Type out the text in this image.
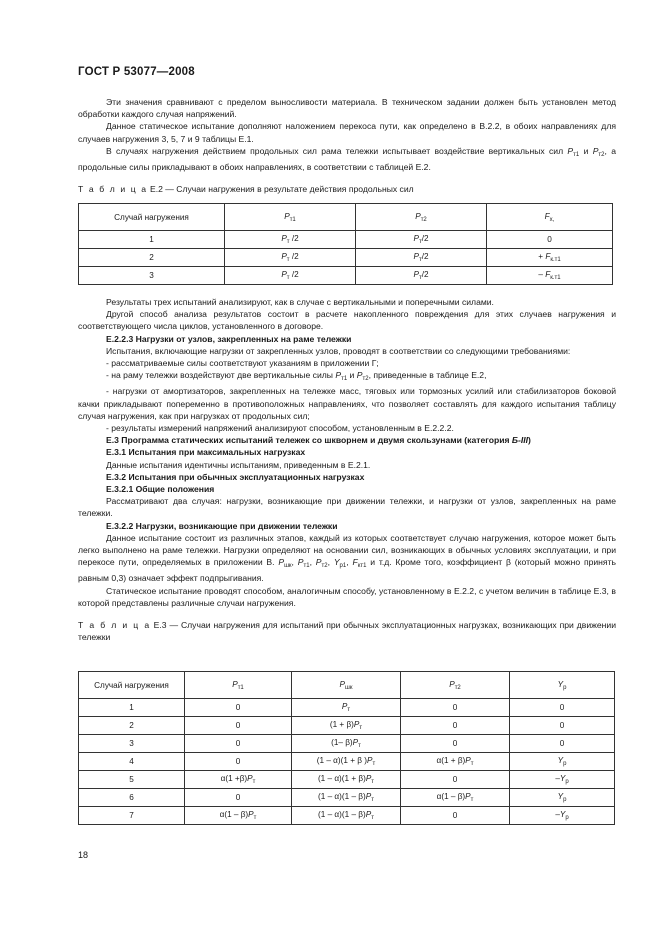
ГОСТ Р 53077—2008

Эти значения сравнивают с пределом выносливости материала. В техническом задании должен быть установлен метод обработки каждого случая напряжений.

Данное статическое испытание дополняют наложением перекоса пути, как определено в В.2.2, в обоих направлениях для случаев нагружения 3, 5, 7 и 9 таблицы Е.1.

В случаях нагружения действием продольных сил рама тележки испытывает воздействие вертикальных сил $P_{т1}$ и $P_{т2}$, а продольные силы прикладывают в обоих направлениях, в соответствии с таблицей Е.2.

Т а б л и ц а Е.2 — Случаи нагружения в результате действия продольных сил

Случай нагружения	$P_{т1}$	$P_{т2}$	$F_{x,}$
1	$P_т$ /2	$P_т/2$	0
2	$P_т$ /2	$P_т/2$	+ $F_{к.т1}$
3	$P_т$ /2	$P_т/2$	– $F_{к.т1}$

Результаты трех испытаний анализируют, как в случае с вертикальными и поперечными силами.

Другой способ анализа результатов состоит в расчете накопленного повреждения для этих случаев нагружения и соответствующего числа циклов, установленного в договоре.

Е.2.2.3 Нагрузки от узлов, закрепленных на раме тележки

Испытания, включающие нагрузки от закрепленных узлов, проводят в соответствии со следующими требованиями:

- рассматриваемые силы соответствуют указаниям в приложении Г;

- на раму тележки воздействуют две вертикальные силы $P_{т1}$ и $P_{т2}$, приведенные в таблице Е.2,

- нагрузки от амортизаторов, закрепленных на тележке масс, тяговых или тормозных усилий или стабилизаторов боковой качки прикладывают попеременно в противоположных направлениях, что позволяет составлять для каждого испытания таблицу случая нагружения, как при нагрузках от продольных сил;

- результаты измерений напряжений анализируют способом, установленным в Е.2.2.2.

Е.3 Программа статических испытаний тележек со шкворнем и двумя скользунами (категория Б-III)

Е.3.1 Испытания при максимальных нагрузках

Данные испытания идентичны испытаниям, приведенным в Е.2.1.

Е.3.2 Испытания при обычных эксплуатационных нагрузках

Е.3.2.1 Общие положения

Рассматривают два случая: нагрузки, возникающие при движении тележки, и нагрузки от узлов, закрепленных на раме тележки.

Е.3.2.2 Нагрузки, возникающие при движении тележки

Данное испытание состоит из различных этапов, каждый из которых соответствует случаю нагружения, которое может быть легко выполнено на раме тележки. Нагрузки определяют на основании сил, возникающих в обычных условиях эксплуатации, и при перекосе пути, определяемых в приложении В. $P_{шк}$, $P_{т1}$, $P_{т2}$, $Y_{р1}$, $F_{кт1}$ и т.д. Кроме того, коэффициент β (который можно принять равным 0,3) означает эффект подпрыгивания.

Статическое испытание проводят способом, аналогичным способу, установленному в Е.2.2, с учетом величин в таблице Е.3, в которой представлены различные случаи нагружения.

Т а б л и ц а Е.3 — Случаи нагружения для испытаний при обычных эксплуатационных нагрузках, возникающих при движении тележки

Случай нагружения	$P_{т1}$	$P_{шк}$	$P_{т2}$	$Y_р$
1	0	$P_т$	0	0
2	0	$(1 + \beta)P_т$	0	0
3	0	(1– $\beta)P_т$	0	0
4	0	(1 – α)(1 + β )$P_т$	$\alpha(1 + \beta)P_т$	$Y_р$
5	$\alpha(1 +\beta)P_т$	$(1 - \alpha)(1 + \beta)P_т$	0	$-Y_р$
6	0	$(1 - \alpha)(1 - \beta)P_т$	$\alpha(1 - \beta)P_т$	$Y_р$
7	$\alpha(1 - \beta)P_т$	$(1 - \alpha)(1 - \beta)P_т$	0	$-Y_р$
18
